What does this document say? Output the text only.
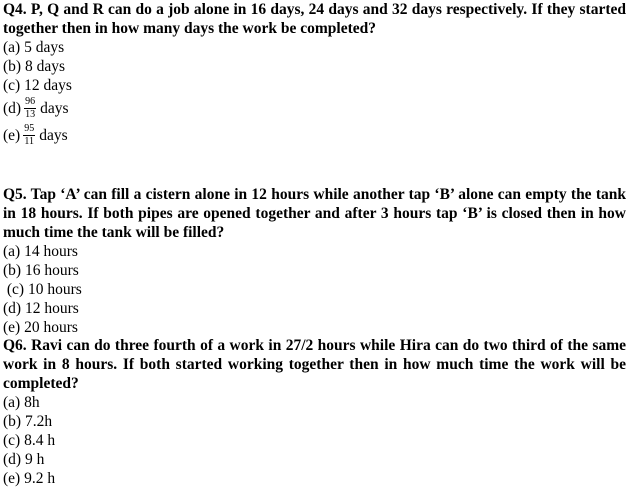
Q4. P, Q and R can do a job alone in 16 days, 24 days and 32 days respectively. If they started together then in how many days the work be completed?
(a) 5 days
(b) 8 days
(c) 12 days
$(d) \frac{96}{13}$ days
$(e) \frac{95}{11}$ days
Q5. Tap ‘A’ can fill a cistern alone in 12 hours while another tap ‘B’ alone can empty the tank in 18 hours. If both pipes are opened together and after 3 hours tap ‘B’ is closed then in how much time the tank will be filled?
(a) 14 hours
(b) 16 hours
(c) 10 hours
(d) 12 hours
(e) 20 hours
Q6. Ravi can do three fourth of a work in 27/2 hours while Hira can do two third of the same work in 8 hours. If both started working together then in how much time the work will be completed?
(a) 8h
(b) 7.2h
(c) 8.4 h
(d) 9 h
(e) 9.2 h
